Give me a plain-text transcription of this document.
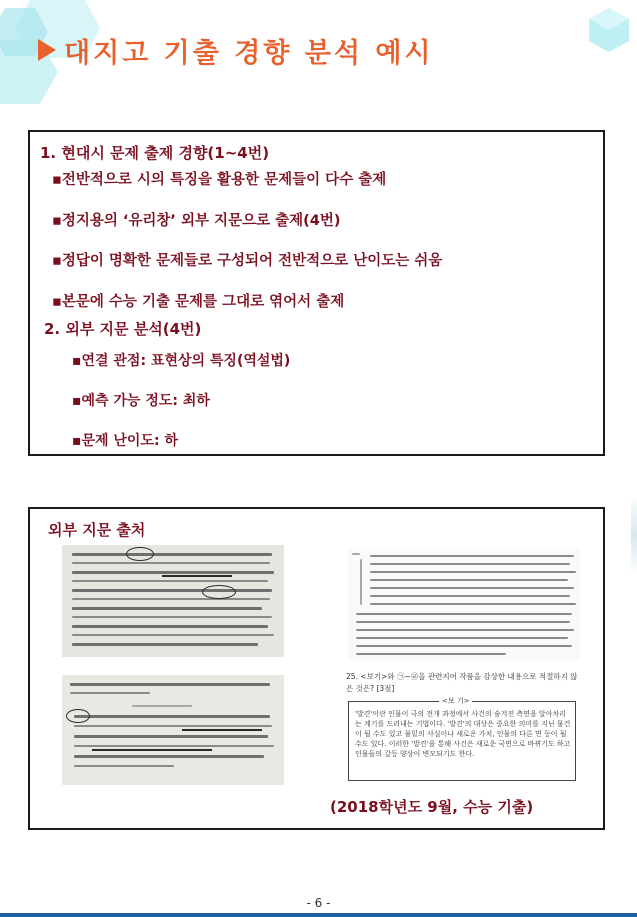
대지고 기출 경향 분석 예시
1. 현대시 문제 출제 경향(1~4번)
▪전반적으로 시의 특징을 활용한 문제들이 다수 출제
▪정지용의 ‘유리창’ 외부 지문으로 출제(4번)
▪정답이 명확한 문제들로 구성되어 전반적으로 난이도는 쉬움
▪본문에 수능 기출 문제를 그대로 엮어서 출제
2. 외부 지문 분석(4번)
▪연결 관점: 표현상의 특징(역설법)
▪예측 가능 정도: 최하
▪문제 난이도: 하
외부 지문 출처
25. <보기>와 ㉠~㉣을 관련지어 작품을 감상한 내용으로 적절하지 않은 것은? [3점]
<보 기>
'발견'이란 인물이 극의 전개 과정에서 사건의 숨겨진 측면을 알아차리는 계기를 드러내는 기법이다. '발견'의 대상은 중요한 의미를 지닌 물건이 될 수도 있고 물밑의 사실이나 새로운 가치, 인물의 다른 면 등이 될 수도 있다. 이러한 '발견'을 통해 사건은 새로운 국면으로 바뀌기도 하고 인물들의 갈등 양상이 변모되기도 한다.
(2018학년도 9월, 수능 기출)
- 6 -
